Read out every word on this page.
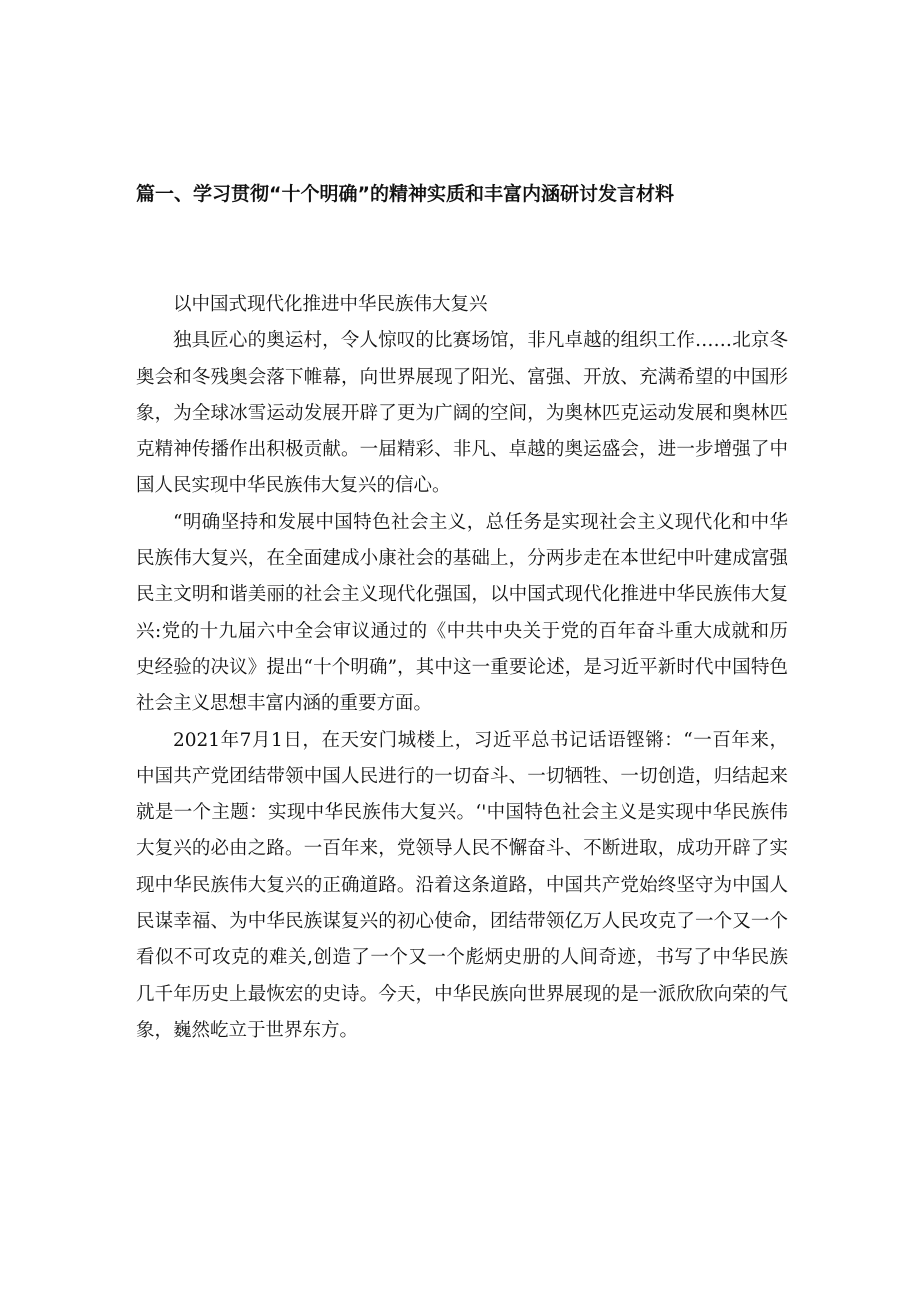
篇一、学习贯彻“十个明确”的精神实质和丰富内涵研讨发言材料

以中国式现代化推进中华民族伟大复兴

独具匠心的奥运村，令人惊叹的比赛场馆，非凡卓越的组织工作……北京冬奥会和冬残奥会落下帷幕，向世界展现了阳光、富强、开放、充满希望的中国形象，为全球冰雪运动发展开辟了更为广阔的空间，为奥林匹克运动发展和奥林匹克精神传播作出积极贡献。一届精彩、非凡、卓越的奥运盛会，进一步增强了中国人民实现中华民族伟大复兴的信心。

“明确坚持和发展中国特色社会主义，总任务是实现社会主义现代化和中华民族伟大复兴，在全面建成小康社会的基础上，分两步走在本世纪中叶建成富强民主文明和谐美丽的社会主义现代化强国，以中国式现代化推进中华民族伟大复兴:党的十九届六中全会审议通过的《中共中央关于党的百年奋斗重大成就和历史经验的决议》提出“十个明确”，其中这一重要论述，是习近平新时代中国特色社会主义思想丰富内涵的重要方面。

2021年7月1日，在天安门城楼上，习近平总书记话语铿锵：“一百年来，中国共产党团结带领中国人民进行的一切奋斗、一切牺牲、一切创造，归结起来就是一个主题：实现中华民族伟大复兴。‘'中国特色社会主义是实现中华民族伟大复兴的必由之路。一百年来，党领导人民不懈奋斗、不断进取，成功开辟了实现中华民族伟大复兴的正确道路。沿着这条道路，中国共产党始终坚守为中国人民谋幸福、为中华民族谋复兴的初心使命，团结带领亿万人民攻克了一个又一个看似不可攻克的难关,创造了一个又一个彪炳史册的人间奇迹，书写了中华民族几千年历史上最恢宏的史诗。今天，中华民族向世界展现的是一派欣欣向荣的气象，巍然屹立于世界东方。
